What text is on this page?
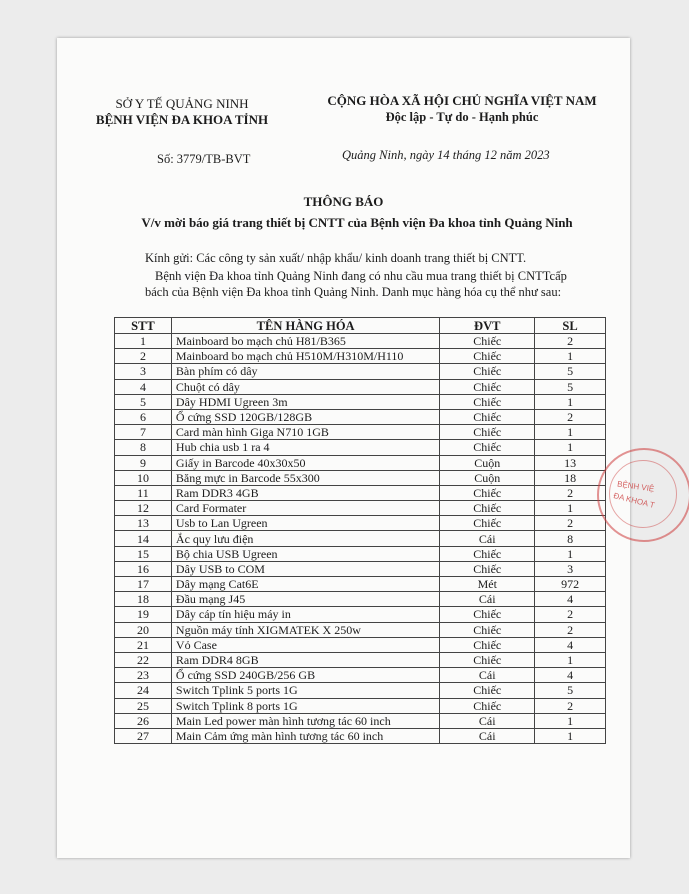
SỞ Y TẾ QUẢNG NINH
BỆNH VIỆN ĐA KHOA TỈNH
CỘNG HÒA XÃ HỘI CHỦ NGHĨA VIỆT NAM
Độc lập - Tự do - Hạnh phúc
Số: 3779/TB-BVT	Quảng Ninh, ngày 14 tháng 12 năm 2023
THÔNG BÁO
V/v mời báo giá trang thiết bị CNTT của Bệnh viện Đa khoa tỉnh Quảng Ninh
Kính gửi: Các công ty sản xuất/ nhập khẩu/ kinh doanh trang thiết bị CNTT.
Bệnh viện Đa khoa tỉnh Quảng Ninh đang có nhu cầu mua trang thiết bị CNTTcấp bách của Bệnh viện Đa khoa tỉnh Quảng Ninh. Danh mục hàng hóa cụ thể như sau:
STT	TÊN HÀNG HÓA	ĐVT	SL
1	Mainboard bo mạch chủ H81/B365	Chiếc	2
2	Mainboard bo mạch chủ H510M/H310M/H110	Chiếc	1
3	Bàn phím có dây	Chiếc	5
4	Chuột có dây	Chiếc	5
5	Dây HDMI Ugreen 3m	Chiếc	1
6	Ổ cứng SSD 120GB/128GB	Chiếc	2
7	Card màn hình Giga N710 1GB	Chiếc	1
8	Hub chia usb 1 ra 4	Chiếc	1
9	Giấy in Barcode 40x30x50	Cuộn	13
10	Băng mực in Barcode 55x300	Cuộn	18
11	Ram DDR3 4GB	Chiếc	2
12	Card Formater	Chiếc	1
13	Usb to Lan Ugreen	Chiếc	2
14	Ắc quy lưu điện	Cái	8
15	Bộ chia USB Ugreen	Chiếc	1
16	Dây USB to COM	Chiếc	3
17	Dây mạng Cat6E	Mét	972
18	Đầu mạng J45	Cái	4
19	Dây cáp tín hiệu máy in	Chiếc	2
20	Nguồn máy tính XIGMATEK X 250w	Chiếc	2
21	Vỏ Case	Chiếc	4
22	Ram DDR4 8GB	Chiếc	1
23	Ổ cứng SSD 240GB/256 GB	Cái	4
24	Switch Tplink 5 ports 1G	Chiếc	5
25	Switch Tplink 8 ports 1G	Chiếc	2
26	Main Led power màn hình tương tác 60 inch	Cái	1
27	Main Cảm ứng màn hình tương tác 60 inch	Cái	1
BỆNH VIỆ
ĐA KHOA T
